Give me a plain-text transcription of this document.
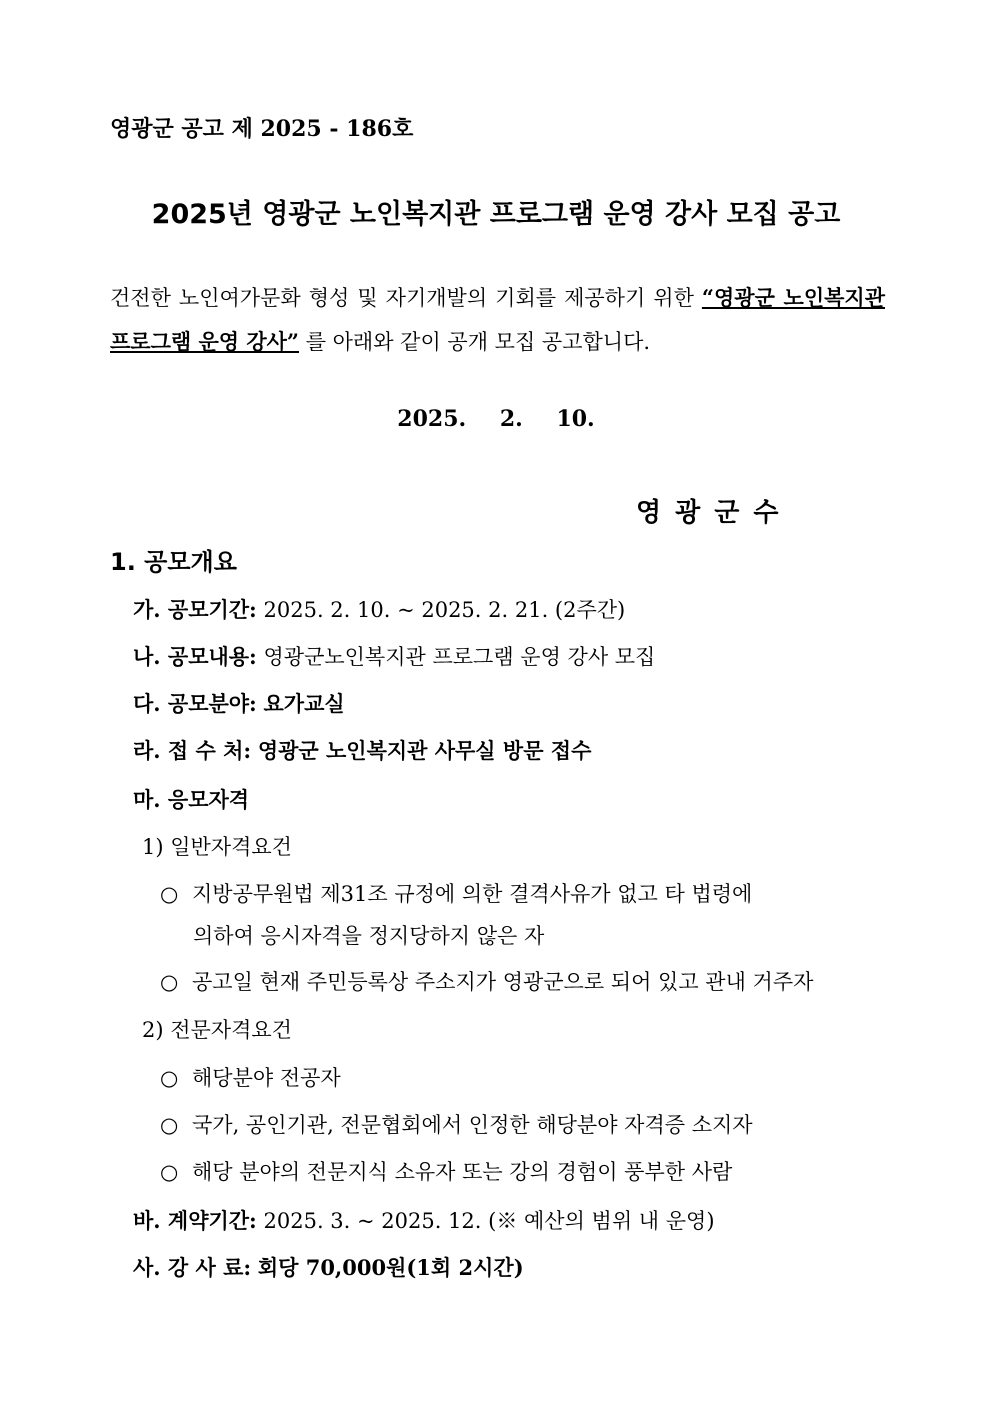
영광군 공고 제 2025 - 186호
2025년 영광군 노인복지관 프로그램 운영 강사 모집 공고
건전한 노인여가문화 형성 및 자기개발의 기회를 제공하기 위한 “영광군 노인복지관 프로그램 운영 강사” 를 아래와 같이 공개 모집 공고합니다.
2025. 2. 10.
영광군수
1. 공모개요
가. 공모기간: 2025. 2. 10. ~ 2025. 2. 21. (2주간)
나. 공모내용: 영광군노인복지관 프로그램 운영 강사 모집
다. 공모분야: 요가교실
라. 접 수 처: 영광군 노인복지관 사무실 방문 접수
마. 응모자격
1) 일반자격요건
○ 지방공무원법 제31조 규정에 의한 결격사유가 없고 타 법령에
의하여 응시자격을 정지당하지 않은 자
○ 공고일 현재 주민등록상 주소지가 영광군으로 되어 있고 관내 거주자
2) 전문자격요건
○ 해당분야 전공자
○ 국가, 공인기관, 전문협회에서 인정한 해당분야 자격증 소지자
○ 해당 분야의 전문지식 소유자 또는 강의 경험이 풍부한 사람
바. 계약기간: 2025. 3. ~ 2025. 12. (※ 예산의 범위 내 운영)
사. 강 사 료: 회당 70,000원(1회 2시간)
